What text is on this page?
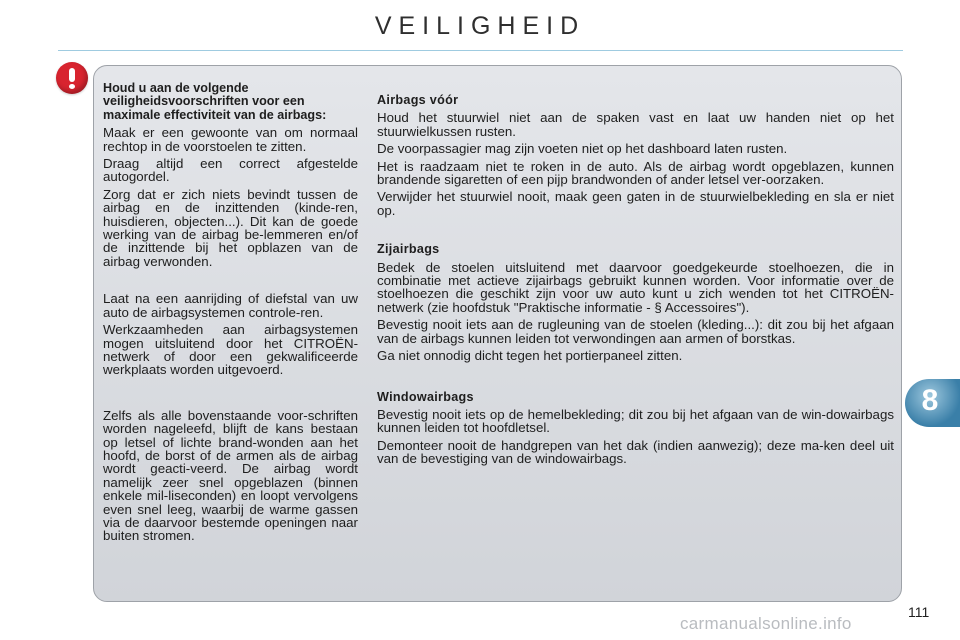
VEILIGHEID

Houd u aan de volgende veiligheidsvoorschriften voor een maximale effectiviteit van de airbags:

Maak er een gewoonte van om normaal rechtop in de voorstoelen te zitten.

Draag altijd een correct afgestelde autogordel.

Zorg dat er zich niets bevindt tussen de airbag en de inzittenden (kinde-ren, huisdieren, objecten...). Dit kan de goede werking van de airbag be-lemmeren en/of de inzittende bij het opblazen van de airbag verwonden.

Laat na een aanrijding of diefstal van uw auto de airbagsystemen controle-ren.

Werkzaamheden aan airbagsystemen mogen uitsluitend door het CITROËN-netwerk of door een gekwalificeerde werkplaats worden uitgevoerd.

Zelfs als alle bovenstaande voor-schriften worden nageleefd, blijft de kans bestaan op letsel of lichte brand-wonden aan het hoofd, de borst of de armen als de airbag wordt geacti-veerd. De airbag wordt namelijk zeer snel opgeblazen (binnen enkele mil-liseconden) en loopt vervolgens even snel leeg, waarbij de warme gassen via de daarvoor bestemde openingen naar buiten stromen.

Airbags vóór

Houd het stuurwiel niet aan de spaken vast en laat uw handen niet op het stuurwielkussen rusten.

De voorpassagier mag zijn voeten niet op het dashboard laten rusten.

Het is raadzaam niet te roken in de auto. Als de airbag wordt opgeblazen, kunnen brandende sigaretten of een pijp brandwonden of ander letsel ver-oorzaken.

Verwijder het stuurwiel nooit, maak geen gaten in de stuurwielbekleding en sla er niet op.

Zijairbags

Bedek de stoelen uitsluitend met daarvoor goedgekeurde stoelhoezen, die in combinatie met actieve zijairbags gebruikt kunnen worden. Voor informatie over de stoelhoezen die geschikt zijn voor uw auto kunt u zich wenden tot het CITROËN-netwerk (zie hoofdstuk "Praktische informatie - § Accessoires").

Bevestig nooit iets aan de rugleuning van de stoelen (kleding...): dit zou bij het afgaan van de airbags kunnen leiden tot verwondingen aan armen of borstkas.

Ga niet onnodig dicht tegen het portierpaneel zitten.

Windowairbags

Bevestig nooit iets op de hemelbekleding; dit zou bij het afgaan van de win-dowairbags kunnen leiden tot hoofdletsel.

Demonteer nooit de handgrepen van het dak (indien aanwezig); deze ma-ken deel uit van de bevestiging van de windowairbags.

8
111
carmanualsonline.info
